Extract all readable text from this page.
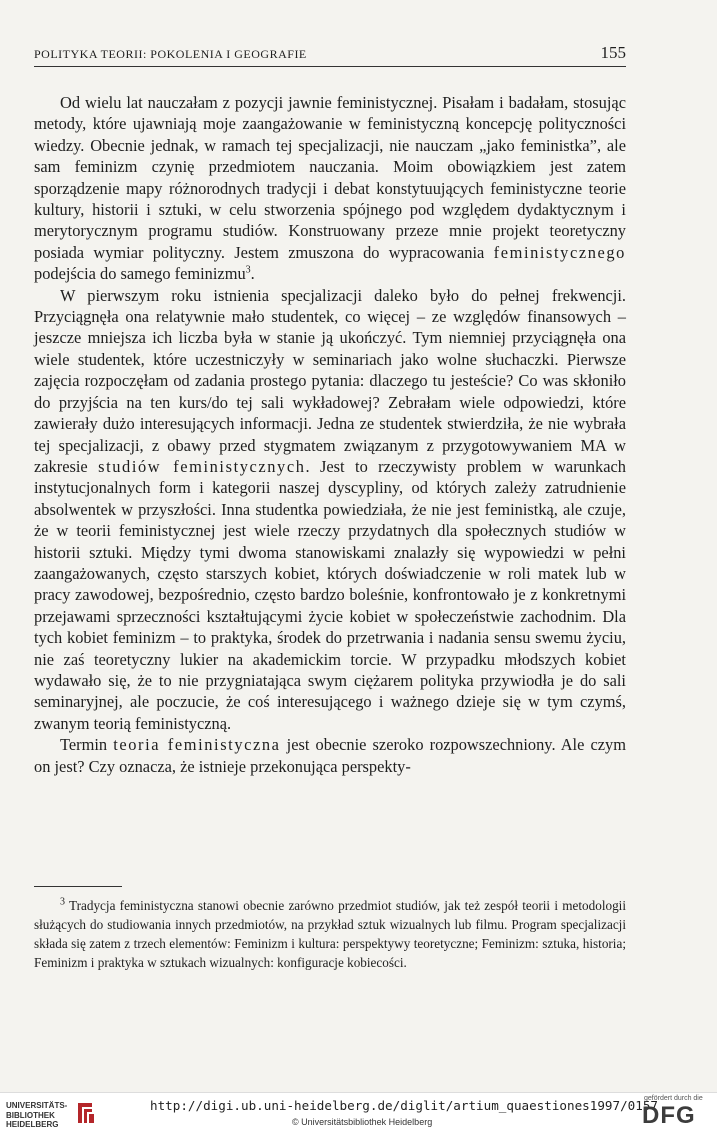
POLITYKA TEORII: POKOLENIA I GEOGRAFIE	155

Od wielu lat nauczałam z pozycji jawnie feministycznej. Pisałam i badałam, stosując metody, które ujawniają moje zaangażowanie w feministyczną koncepcję polityczności wiedzy. Obecnie jednak, w ramach tej specjalizacji, nie nauczam „jako feministka”, ale sam feminizm czynię przedmiotem nauczania. Moim obowiązkiem jest zatem sporządzenie mapy różnorodnych tradycji i debat konstytuujących feministyczne teorie kultury, historii i sztuki, w celu stworzenia spójnego pod względem dydaktycznym i merytorycznym programu studiów. Konstruowany przeze mnie projekt teoretyczny posiada wymiar polityczny. Jestem zmuszona do wypracowania feministycznego podejścia do samego feminizmu$^3$.

W pierwszym roku istnienia specjalizacji daleko było do pełnej frekwencji. Przyciągnęła ona relatywnie mało studentek, co więcej – ze względów finansowych – jeszcze mniejsza ich liczba była w stanie ją ukończyć. Tym niemniej przyciągnęła ona wiele studentek, które uczestniczyły w seminariach jako wolne słuchaczki. Pierwsze zajęcia rozpoczęłam od zadania prostego pytania: dlaczego tu jesteście? Co was skłoniło do przyjścia na ten kurs/do tej sali wykładowej? Zebrałam wiele odpowiedzi, które zawierały dużo interesujących informacji. Jedna ze studentek stwierdziła, że nie wybrała tej specjalizacji, z obawy przed stygmatem związanym z przygotowywaniem MA w zakresie studiów feministycznych. Jest to rzeczywisty problem w warunkach instytucjonalnych form i kategorii naszej dyscypliny, od których zależy zatrudnienie absolwentek w przyszłości. Inna studentka powiedziała, że nie jest feministką, ale czuje, że w teorii feministycznej jest wiele rzeczy przydatnych dla społecznych studiów w historii sztuki. Między tymi dwoma stanowiskami znalazły się wypowiedzi w pełni zaangażowanych, często starszych kobiet, których doświadczenie w roli matek lub w pracy zawodowej, bezpośrednio, często bardzo boleśnie, konfrontowało je z konkretnymi przejawami sprzeczności kształtującymi życie kobiet w społeczeństwie zachodnim. Dla tych kobiet feminizm – to praktyka, środek do przetrwania i nadania sensu swemu życiu, nie zaś teoretyczny lukier na akademickim torcie. W przypadku młodszych kobiet wydawało się, że to nie przygniatająca swym ciężarem polityka przywiodła je do sali seminaryjnej, ale poczucie, że coś interesującego i ważnego dzieje się w tym czymś, zwanym teorią feministyczną.

Termin teoria feministyczna jest obecnie szeroko rozpowszechniony. Ale czym on jest? Czy oznacza, że istnieje przekonująca perspekty-

$^3$ Tradycja feministyczna stanowi obecnie zarówno przedmiot studiów, jak też zespół teorii i metodologii służących do studiowania innych przedmiotów, na przykład sztuk wizualnych lub filmu. Program specjalizacji składa się zatem z trzech elementów: Feminizm i kultura: perspektywy teoretyczne; Feminizm: sztuka, historia; Feminizm i praktyka w sztukach wizualnych: konfiguracje kobiecości.
UNIVERSITÄTS-
BIBLIOTHEK
HEIDELBERG
http://digi.ub.uni-heidelberg.de/diglit/artium_quaestiones1997/0157
© Universitätsbibliothek Heidelberg
gefördert durch die
DFG
